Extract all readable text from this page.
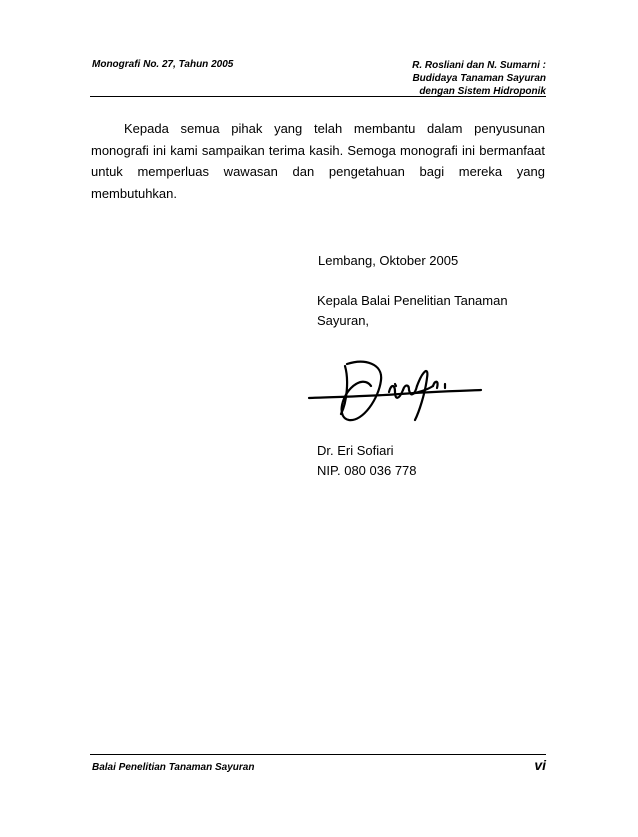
Monografi No. 27, Tahun 2005	R. Rosliani dan N. Sumarni :
Budidaya Tanaman Sayuran
dengan Sistem Hidroponik

Kepada semua pihak yang telah membantu dalam penyusunan monografi ini kami sampaikan terima kasih. Semoga monografi ini bermanfaat untuk memperluas wawasan dan pengetahuan bagi mereka yang membutuhkan.

Lembang, Oktober 2005
Kepala Balai Penelitian Tanaman
Sayuran,
Dr. Eri Sofiari
NIP. 080 036 778
Balai Penelitian Tanaman Sayuran	vi
